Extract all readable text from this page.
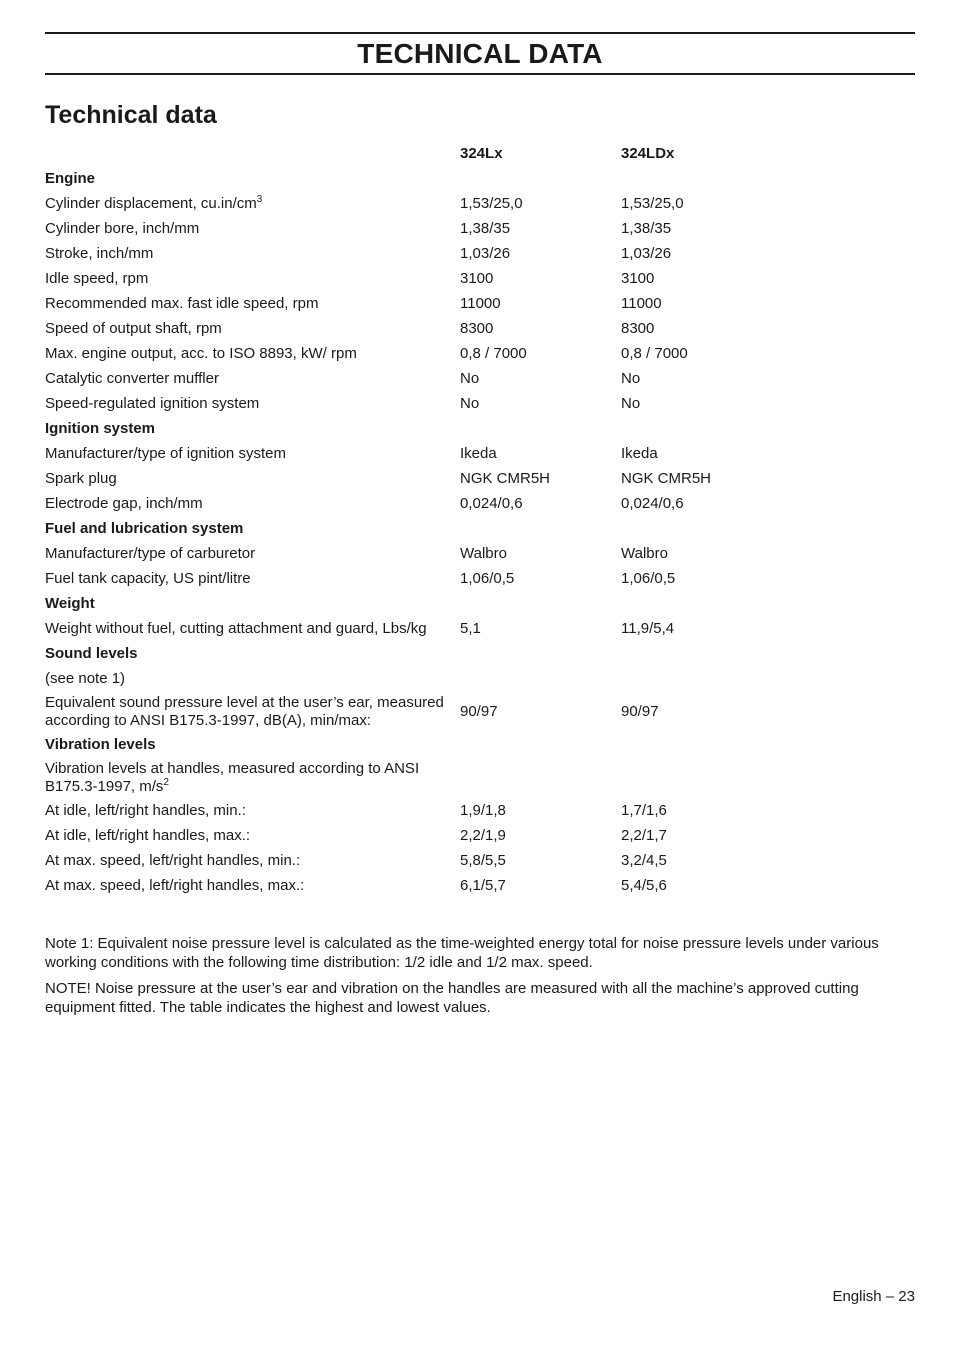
TECHNICAL DATA
Technical data
	324Lx	324LDx
Engine		
Cylinder displacement, $cu.in/cm^3$	1,53/25,0	1,53/25,0
Cylinder bore, inch/mm	1,38/35	1,38/35
Stroke, inch/mm	1,03/26	1,03/26
Idle speed, rpm	3100	3100
Recommended max. fast idle speed, rpm	11000	11000
Speed of output shaft, rpm	8300	8300
Max. engine output, acc. to ISO 8893, kW/ rpm	0,8 / 7000	0,8 / 7000
Catalytic converter muffler	No	No
Speed-regulated ignition system	No	No
Ignition system		
Manufacturer/type of ignition system	Ikeda	Ikeda
Spark plug	NGK CMR5H	NGK CMR5H
Electrode gap, inch/mm	0,024/0,6	0,024/0,6
Fuel and lubrication system		
Manufacturer/type of carburetor	Walbro	Walbro
Fuel tank capacity, US pint/litre	1,06/0,5	1,06/0,5
Weight		
Weight without fuel, cutting attachment and guard, Lbs/kg	5,1	11,9/5,4
Sound levels		
(see note 1)		
Equivalent sound pressure level at the user’s ear, measured according to ANSI B175.3-1997, dB(A), min/max:	90/97	90/97
Vibration levels		
Vibration levels at handles, measured according to ANSI B175.3-1997, $m/s^2$		
At idle, left/right handles, min.:	1,9/1,8	1,7/1,6
At idle, left/right handles, max.:	2,2/1,9	2,2/1,7
At max. speed, left/right handles, min.:	5,8/5,5	3,2/4,5
At max. speed, left/right handles, max.:	6,1/5,7	5,4/5,6

Note 1: Equivalent noise pressure level is calculated as the time-weighted energy total for noise pressure levels under various working conditions with the following time distribution: 1/2 idle and 1/2 max. speed.

NOTE! Noise pressure at the user’s ear and vibration on the handles are measured with all the machine’s approved cutting equipment fitted. The table indicates the highest and lowest values.

English – 23
